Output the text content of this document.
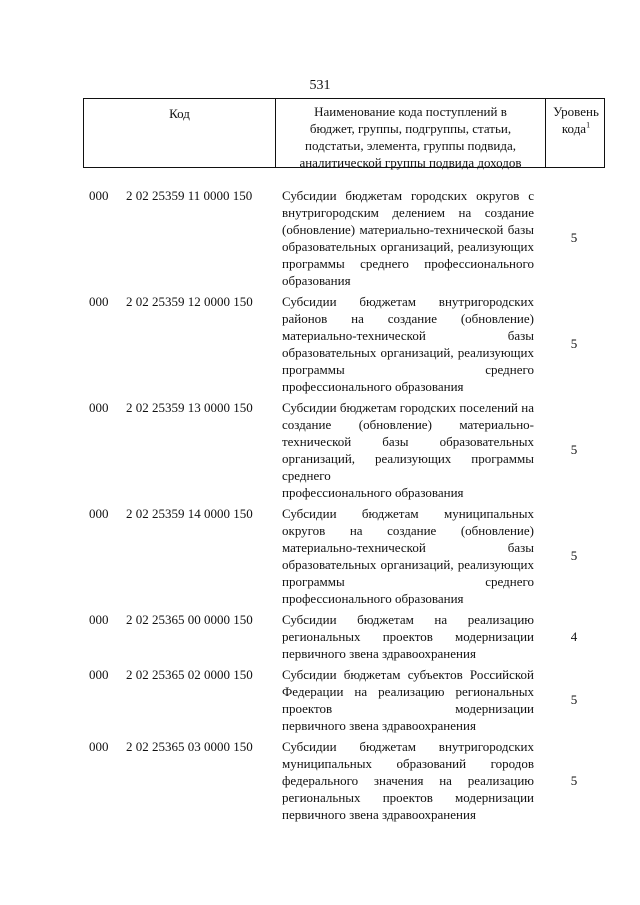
531
Код	Наименование кода поступлений в
бюджет, группы, подгруппы, статьи,
подстатьи, элемента, группы подвида,
аналитической группы подвида доходов
Уровень
кода$^1$
000 2 02 25359 11 0000 150 Субсидии бюджетам городских округов с внутригородским делением на создание (обновление) материально-технической базы образовательных организаций, реализующих программы среднего профессионального
образования
5
000 2 02 25359 12 0000 150 Субсидии бюджетам внутригородских районов на создание (обновление) материально-технической базы образовательных организаций, реализующих программы среднего
профессионального образования
5
000 2 02 25359 13 0000 150 Субсидии бюджетам городских поселений на создание (обновление) материально-технической базы образовательных организаций, реализующих программы среднего
профессионального образования
5
000 2 02 25359 14 0000 150 Субсидии бюджетам муниципальных округов на создание (обновление) материально-технической базы образовательных организаций, реализующих программы среднего
профессионального образования
5
000 2 02 25365 00 0000 150 Субсидии бюджетам на реализацию региональных проектов модернизации
первичного звена здравоохранения
4
000 2 02 25365 02 0000 150 Субсидии бюджетам субъектов Российской Федерации на реализацию региональных проектов модернизации
первичного звена здравоохранения
5
000 2 02 25365 03 0000 150 Субсидии бюджетам внутригородских муниципальных образований городов федерального значения на реализацию региональных проектов модернизации
первичного звена здравоохранения
5
